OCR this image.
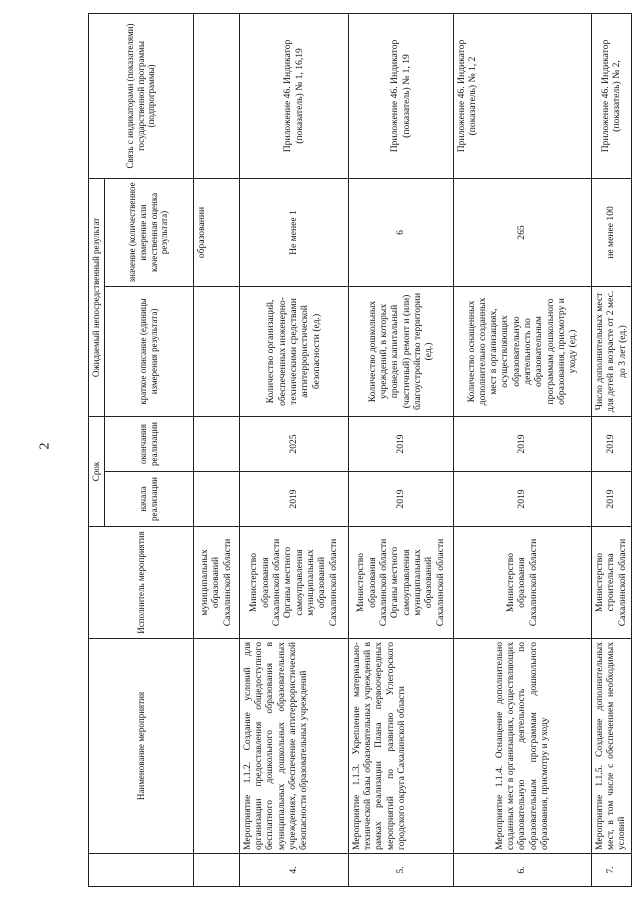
2
	Наименование мероприятия	Исполнитель мероприятия	Срок		Ожидаемый непосредственный результат		Связь с индикаторами (показателями) государственной программы (подпрограммы)
			начала реализации	окончания реализации	краткое описание (единицы измерения результата)	значение (количественное измерение или качественная оценка результата)	
		муниципальных образований Сахалинской области				образовании	
4.	Мероприятие 1.1.2. Создание условий для организации предоставления общедоступного бесплатного дошкольного образования в муниципальных дошкольных образовательных учреждениях, обеспечение антитеррористической безопасности образовательных учреждений	Министерство образования Сахалинской области Органы местного самоуправления муниципальных образований Сахалинской области	2019	2025	Количество организаций, обеспеченных инженерно-техническими средствами антитеррористической безопасности (ед.)	Не менее 1	Приложение 46. Индикатор (показатель) № 1, 16,19
5.	Мероприятие 1.1.3. Укрепление материально-технической базы образовательных учреждений в рамках реализации Плана первоочередных мероприятий по развитию Углегорского городского округа Сахалинской области	Министерство образования Сахалинской области Органы местного самоуправления муниципальных образований Сахалинской области	2019	2019	Количество дошкольных учреждений, в которых проведен капитальный (частичный) ремонт и (или) благоустройство территории (ед.)	6	Приложение 46. Индикатор (показатель) № 1, 19
6.	Мероприятие 1.1.4. Оснащение дополнительно созданных мест в организациях, осуществляющих образовательную деятельность по образовательным программам дошкольного образования, присмотру и уходу	Министерство образования Сахалинской области	2019	2019	Количество оснащенных дополнительно созданных мест в организациях, осуществляющих образовательную деятельность по образовательным программам дошкольного образования, присмотру и уходу (ед.)	265	Приложение 46. Индикатор (показатель) № 1, 2
7.	Мероприятие 1.1.5. Создание дополнительных мест, в том числе с обеспечением необходимых условий	Министерство строительства Сахалинской области	2019	2019	Число дополнительных мест для детей в возрасте от 2 мес. до 3 лет (ед.)	не менее 100	Приложение 46. Индикатор (показатель) № 2,
